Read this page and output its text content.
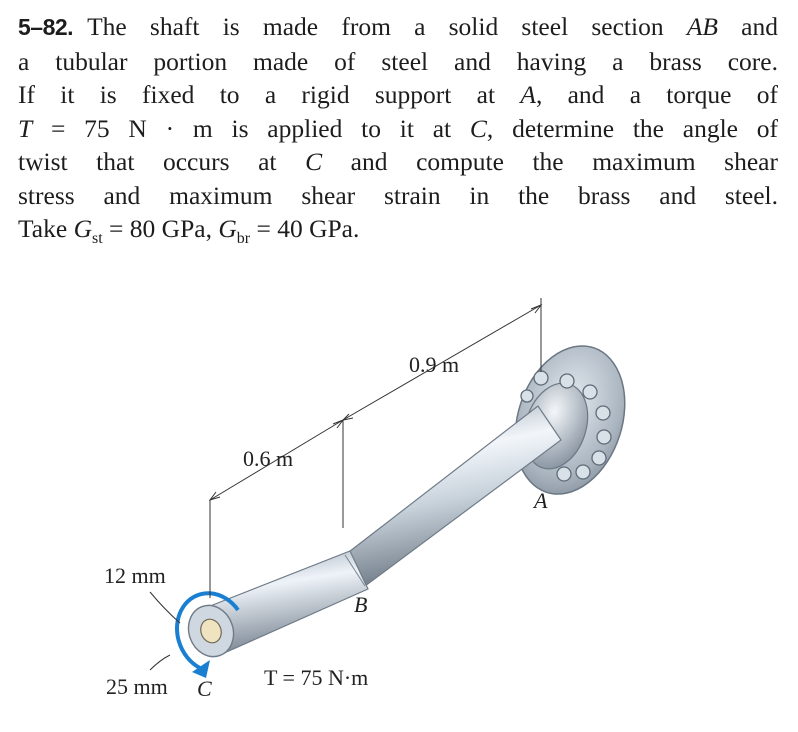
5–82. The shaft is made from a solid steel section AB and
a tubular portion made of steel and having a brass core.
If it is fixed to a rigid support at A, and a torque of
T = 75 N · m is applied to it at C, determine the angle of
twist that occurs at C and compute the maximum shear
stress and maximum shear strain in the brass and steel.
Take $G_{st} = 80$ GPa, $G_{br} = 40$ GPa.
0.9 m
0.6 m
A
B
C
12 mm
25 mm	T = 75 N·m
